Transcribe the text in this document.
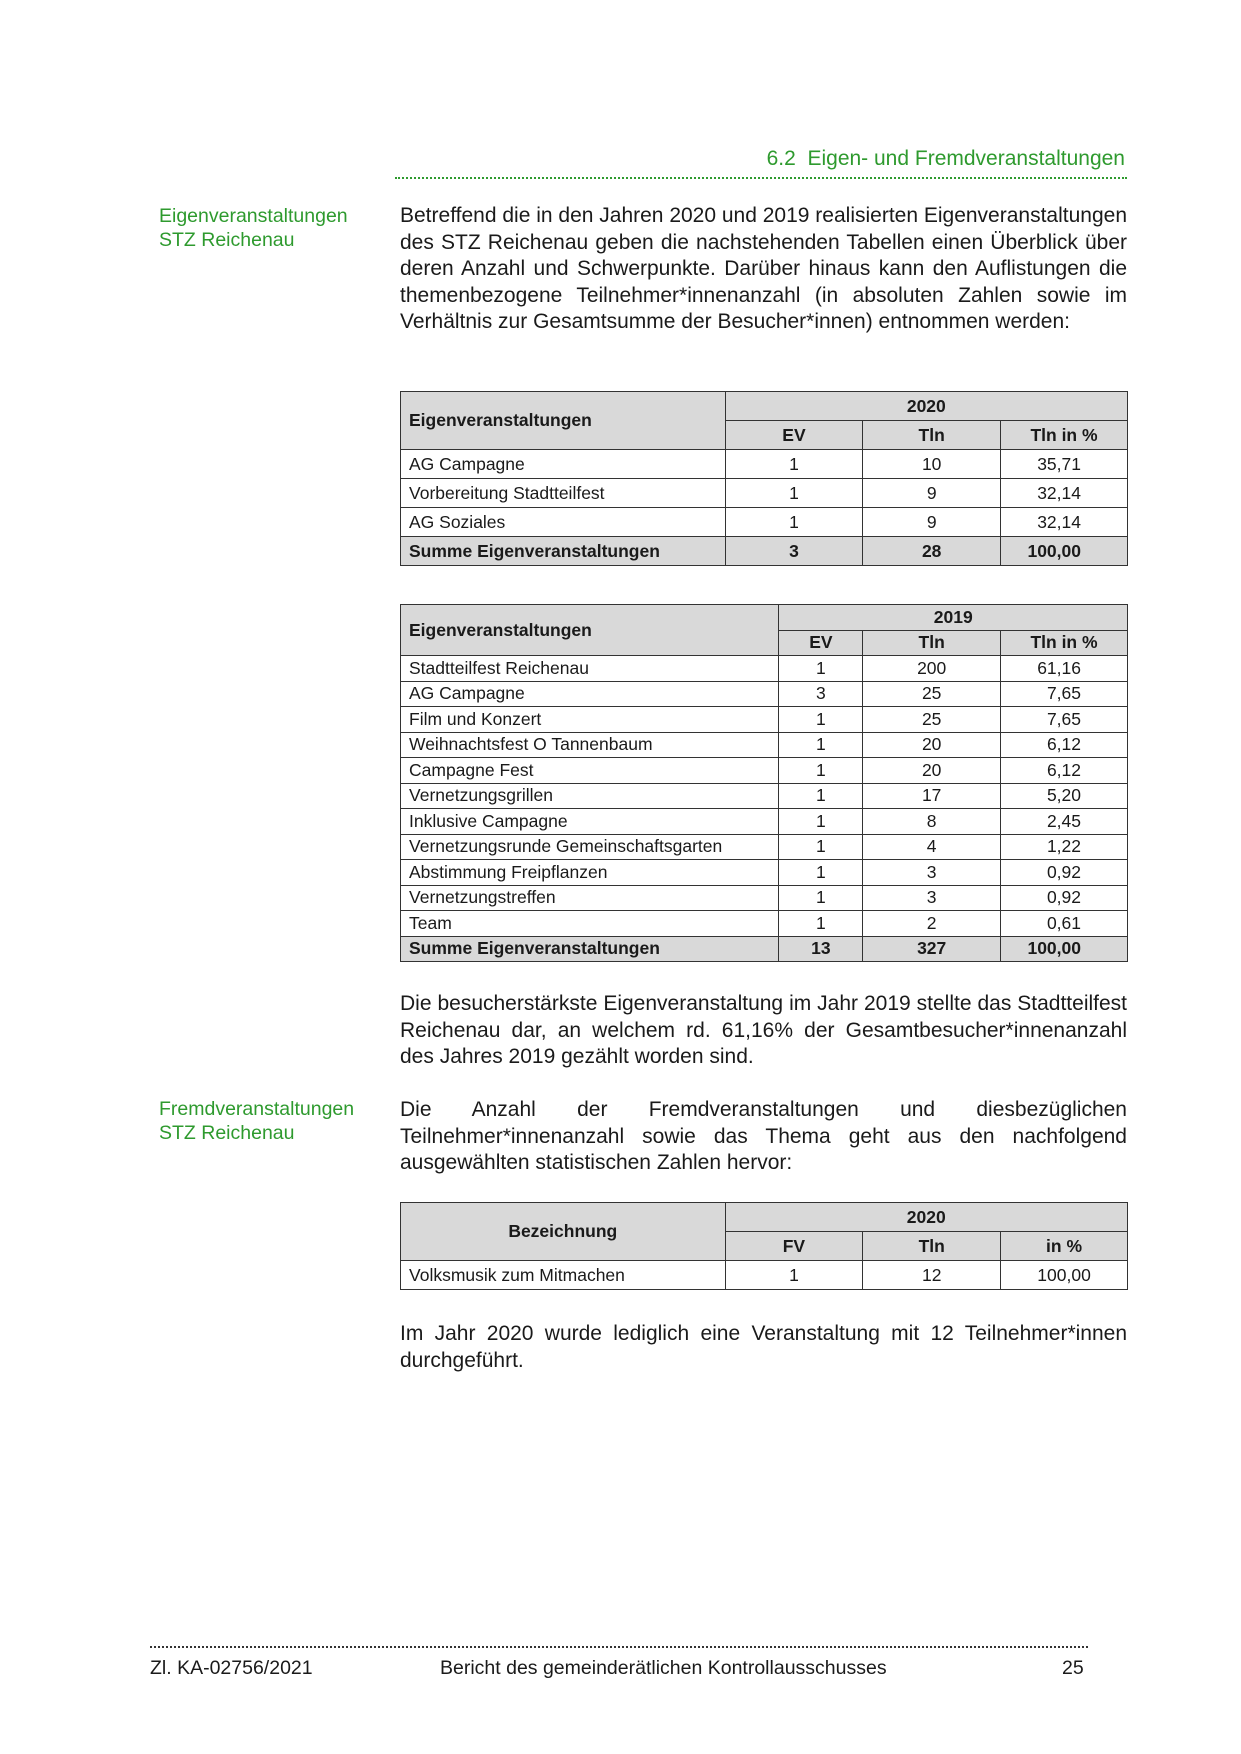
6.2 Eigen- und Fremdveranstaltungen
Eigenveranstaltungen
STZ Reichenau

Betreffend die in den Jahren 2020 und 2019 realisierten Eigenveranstaltungen des STZ Reichenau geben die nachstehenden Tabellen einen Überblick über deren Anzahl und Schwerpunkte. Darüber hinaus kann den Auflistungen die themenbezogene Teilnehmer*innenanzahl (in absoluten Zahlen sowie im Verhältnis zur Gesamtsumme der Besucher*innen) entnommen werden:

Eigenveranstaltungen	2020		
	EV	Tln	Tln in %
AG Campagne	1	10	35,71
Vorbereitung Stadtteilfest	1	9	32,14
AG Soziales	1	9	32,14
Summe Eigenveranstaltungen	3	28	100,00
Eigenveranstaltungen	2019		
	EV	Tln	Tln in %
Stadtteilfest Reichenau	1	200	61,16
AG Campagne	3	25	7,65
Film und Konzert	1	25	7,65
Weihnachtsfest O Tannenbaum	1	20	6,12
Campagne Fest	1	20	6,12
Vernetzungsgrillen	1	17	5,20
Inklusive Campagne	1	8	2,45
Vernetzungsrunde Gemeinschaftsgarten	1	4	1,22
Abstimmung Freipflanzen	1	3	0,92
Vernetzungstreffen	1	3	0,92
Team	1	2	0,61
Summe Eigenveranstaltungen	13	327	100,00

Die besucherstärkste Eigenveranstaltung im Jahr 2019 stellte das Stadtteilfest Reichenau dar, an welchem rd. 61,16% der Gesamtbesucher*innenanzahl des Jahres 2019 gezählt worden sind.

Fremdveranstaltungen
STZ Reichenau

Die Anzahl der Fremdveranstaltungen und diesbezüglichen Teilnehmer*innenanzahl sowie das Thema geht aus den nachfolgend ausgewählten statistischen Zahlen hervor:

Bezeichnung	2020		
	FV	Tln	in %
Volksmusik zum Mitmachen	1	12	100,00

Im Jahr 2020 wurde lediglich eine Veranstaltung mit 12 Teilnehmer*innen durchgeführt.

Zl. KA-02756/2021	Bericht des gemeinderätlichen Kontrollausschusses	25
